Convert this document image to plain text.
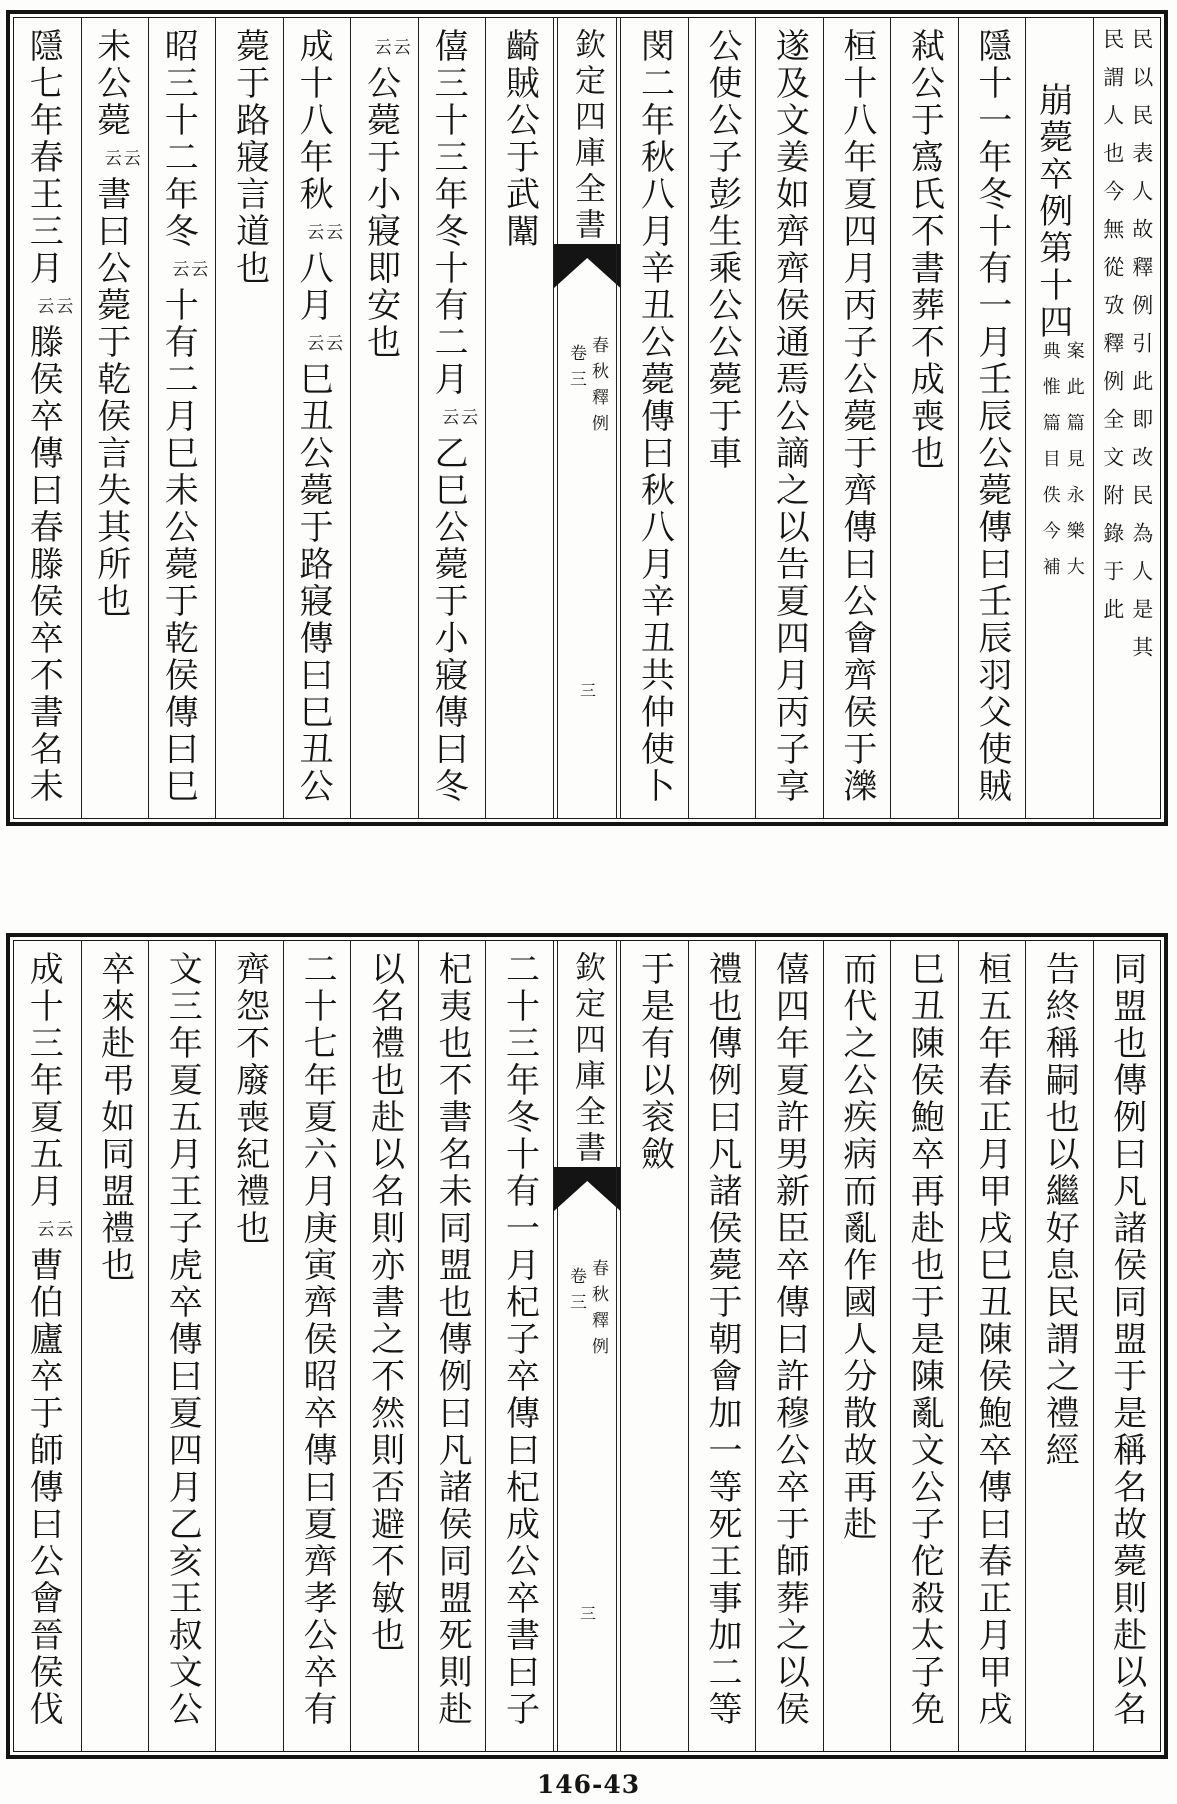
民以民表人故釋例引此即改民為人是其
民謂人也今無從攷釋例全文附錄于此
崩薨卒例第十四
案此篇見永樂大
典惟篇目佚今補
隱十一年冬十有一月壬辰公薨傳曰壬辰羽父使賊
弒公于寪氏不書葬不成喪也
桓十八年夏四月丙子公薨于齊傳曰公會齊侯于濼
遂及文姜如齊齊侯通焉公謫之以告夏四月丙子享
公使公子彭生乘公公薨于車
閔二年秋八月辛丑公薨傳曰秋八月辛丑共仲使卜
欽定四庫全書
春秋釋例
卷三
三
齮賊公于武闈
僖三十三年冬十有二月
云
云
乙巳公薨于小寢傳曰冬
云
云
公薨于小寢即安也
成十八年秋
云
云
八月
云
云
巳丑公薨于路寢傳曰巳丑公
薨于路寢言道也
昭三十二年冬
云
云
十有二月巳未公薨于乾侯傳曰巳
未公薨
云
云
書曰公薨于乾侯言失其所也
隱七年春王三月
云
云
滕侯卒傳曰春滕侯卒不書名未
同盟也傳例曰凡諸侯同盟于是稱名故薨則赴以名
告終稱嗣也以繼好息民謂之禮經
桓五年春正月甲戌巳丑陳侯鮑卒傳曰春正月甲戌
巳丑陳侯鮑卒再赴也于是陳亂文公子佗殺太子免
而代之公疾病而亂作國人分散故再赴
僖四年夏許男新臣卒傳曰許穆公卒于師葬之以侯
禮也傳例曰凡諸侯薨于朝會加一等死王事加二等
于是有以衮斂
欽定四庫全書
春秋釋例
卷三
三
二十三年冬十有一月杞子卒傳曰杞成公卒書曰子
杞夷也不書名未同盟也傳例曰凡諸侯同盟死則赴
以名禮也赴以名則亦書之不然則否避不敏也
二十七年夏六月庚寅齊侯昭卒傳曰夏齊孝公卒有
齊怨不廢喪紀禮也
文三年夏五月王子虎卒傳曰夏四月乙亥王叔文公
卒來赴弔如同盟禮也
成十三年夏五月
云
云
曹伯廬卒于師傳曰公會晉侯伐
146-43
